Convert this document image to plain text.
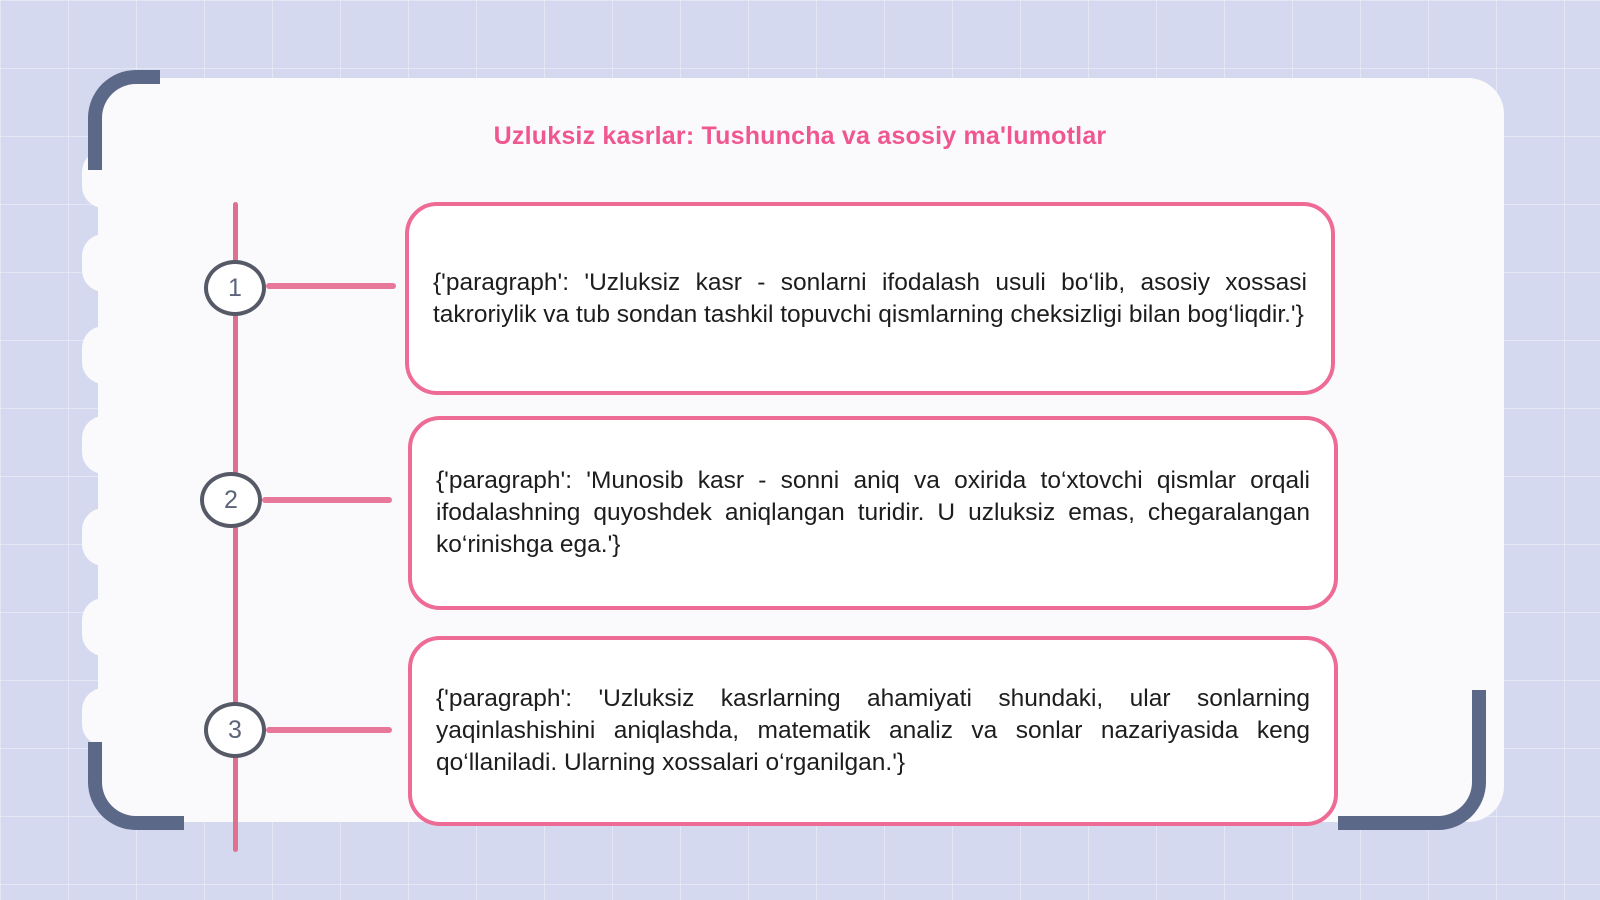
Uzluksiz kasrlar: Tushuncha va asosiy ma'lumotlar
1	{'paragraph': 'Uzluksiz kasr - sonlarni ifodalash usuli bo‘lib, asosiy xossasi takroriylik va tub sondan tashkil topuvchi qismlarning cheksizligi bilan bog‘liqdir.'}

2

{'paragraph': 'Munosib kasr - sonni aniq va oxirida to‘xtovchi qismlar orqali ifodalashning quyoshdek aniqlangan turidir. U uzluksiz emas, chegaralangan ko‘rinishga ega.'}

3

{'paragraph': 'Uzluksiz kasrlarning ahamiyati shundaki, ular sonlarning yaqinlashishini aniqlashda, matematik analiz va sonlar nazariyasida keng qo‘llaniladi. Ularning xossalari o‘rganilgan.'}
